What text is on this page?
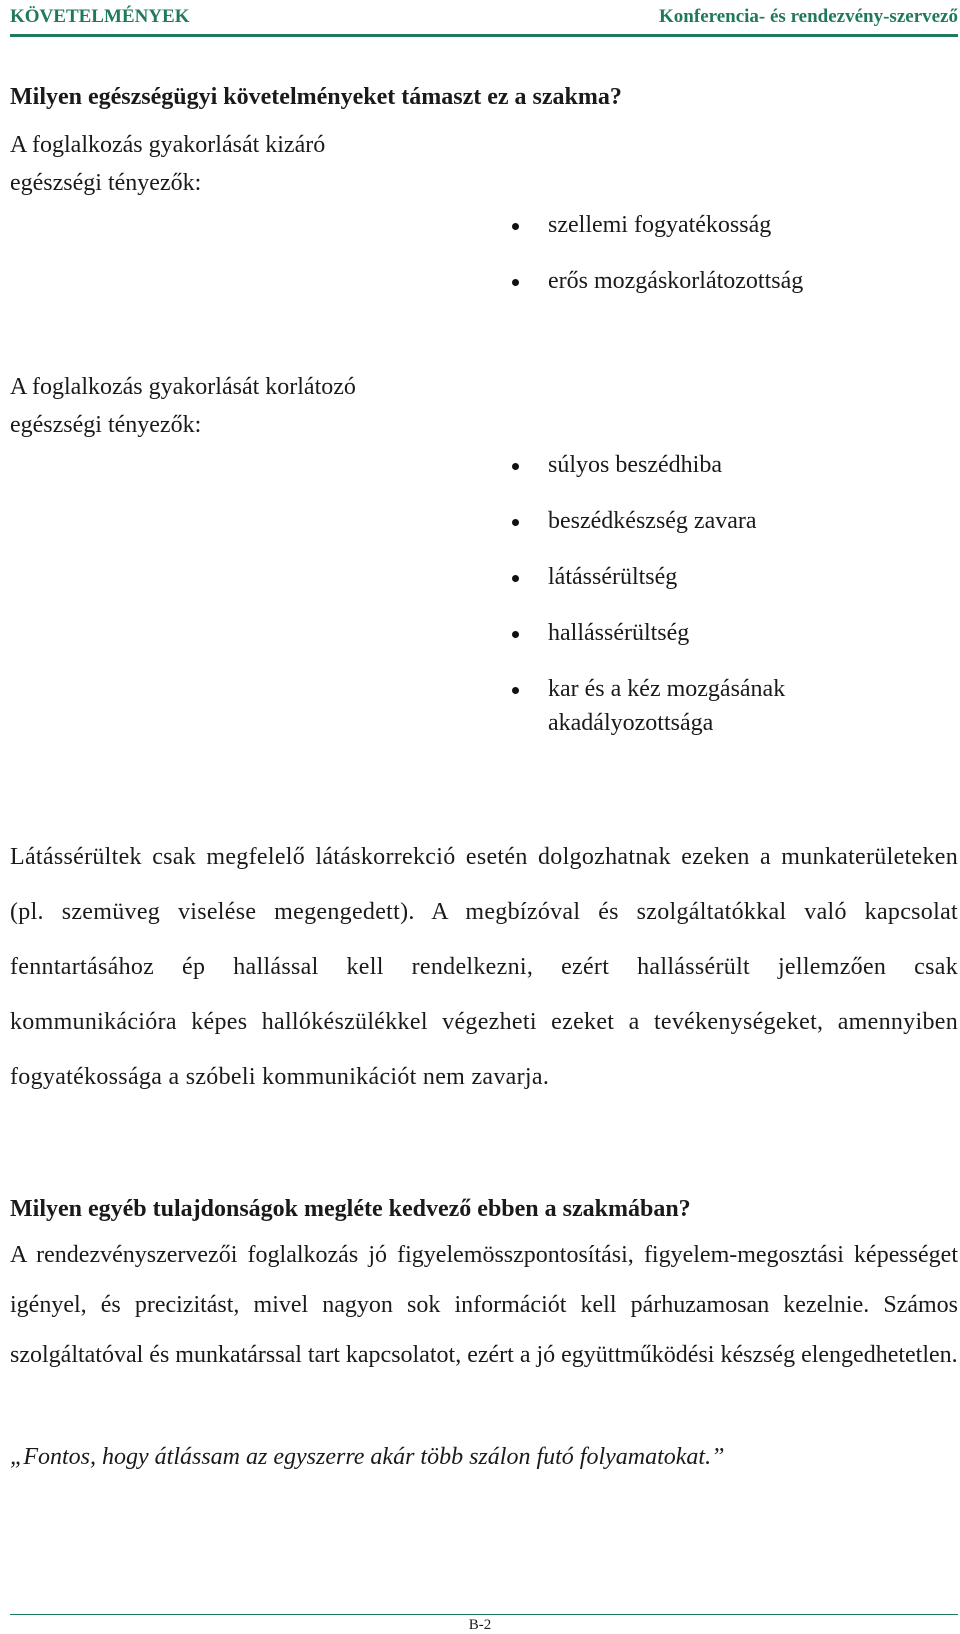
KÖVETELMÉNYEK	Konferencia- és rendezvény-szervező
Milyen egészségügyi követelményeket támaszt ez a szakma?
A foglalkozás gyakorlását kizáró
egészségi tényezők:
szellemi fogyatékosság
erős mozgáskorlátozottság
A foglalkozás gyakorlását korlátozó
egészségi tényezők:
súlyos beszédhiba
beszédkészség zavara
látássérültség
hallássérültség
kar és a kéz mozgásának akadályozottsága

Látássérültek csak megfelelő látáskorrekció esetén dolgozhatnak ezeken a munkaterületeken (pl. szemüveg viselése megengedett). A megbízóval és szolgáltatókkal való kapcsolat fenntartásához ép hallással kell rendelkezni, ezért hallássérült jellemzően csak kommunikációra képes hallókészülékkel végezheti ezeket a tevékenységeket, amennyiben fogyatékossága a szóbeli kommunikációt nem zavarja.

Milyen egyéb tulajdonságok megléte kedvező ebben a szakmában?

A rendezvényszervezői foglalkozás jó figyelemösszpontosítási, figyelem-megosztási képességet igényel, és precizitást, mivel nagyon sok információt kell párhuzamosan kezelnie. Számos szolgáltatóval és munkatárssal tart kapcsolatot, ezért a jó együttműködési készség elengedhetetlen.

„Fontos, hogy átlássam az egyszerre akár több szálon futó folyamatokat.”
B-2
